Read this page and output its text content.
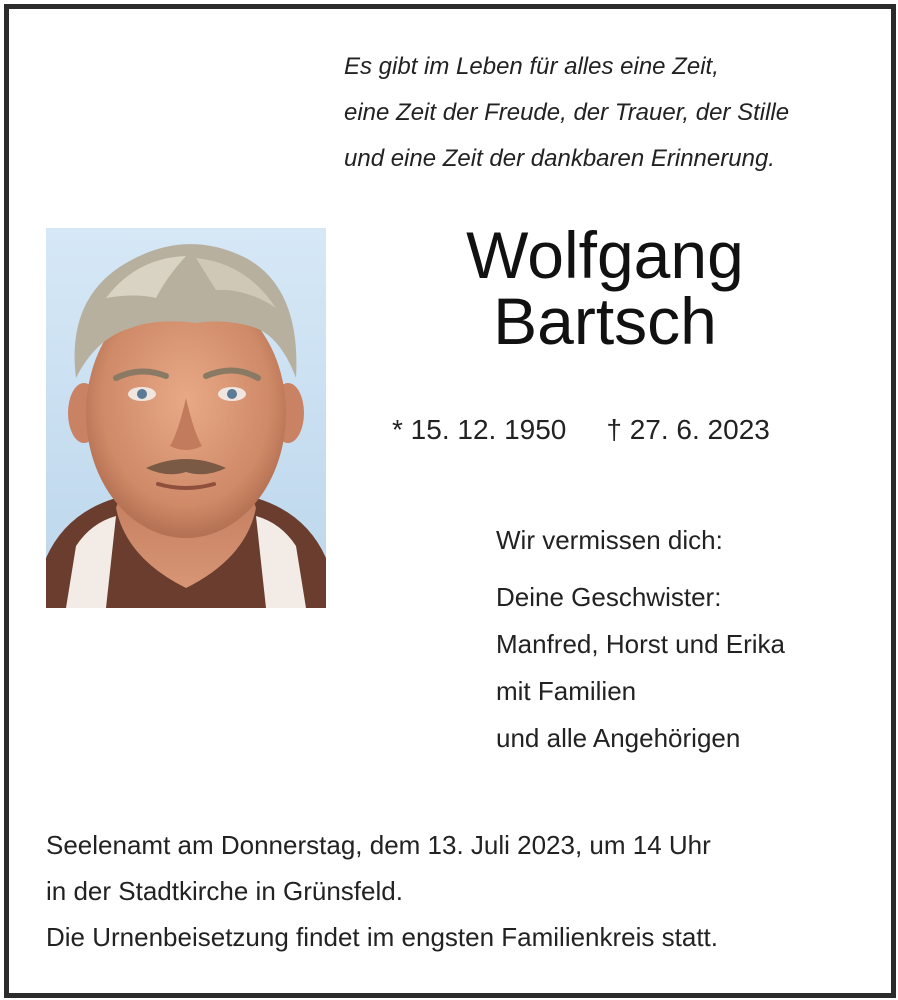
Es gibt im Leben für alles eine Zeit,
eine Zeit der Freude, der Trauer, der Stille
und eine Zeit der dankbaren Erinnerung.
Wolfgang
Bartsch
* 15. 12. 1950 † 27. 6. 2023
Wir vermissen dich:
Deine Geschwister:
Manfred, Horst und Erika
mit Familien
und alle Angehörigen
Seelenamt am Donnerstag, dem 13. Juli 2023, um 14 Uhr
in der Stadtkirche in Grünsfeld.
Die Urnenbeisetzung findet im engsten Familienkreis statt.
